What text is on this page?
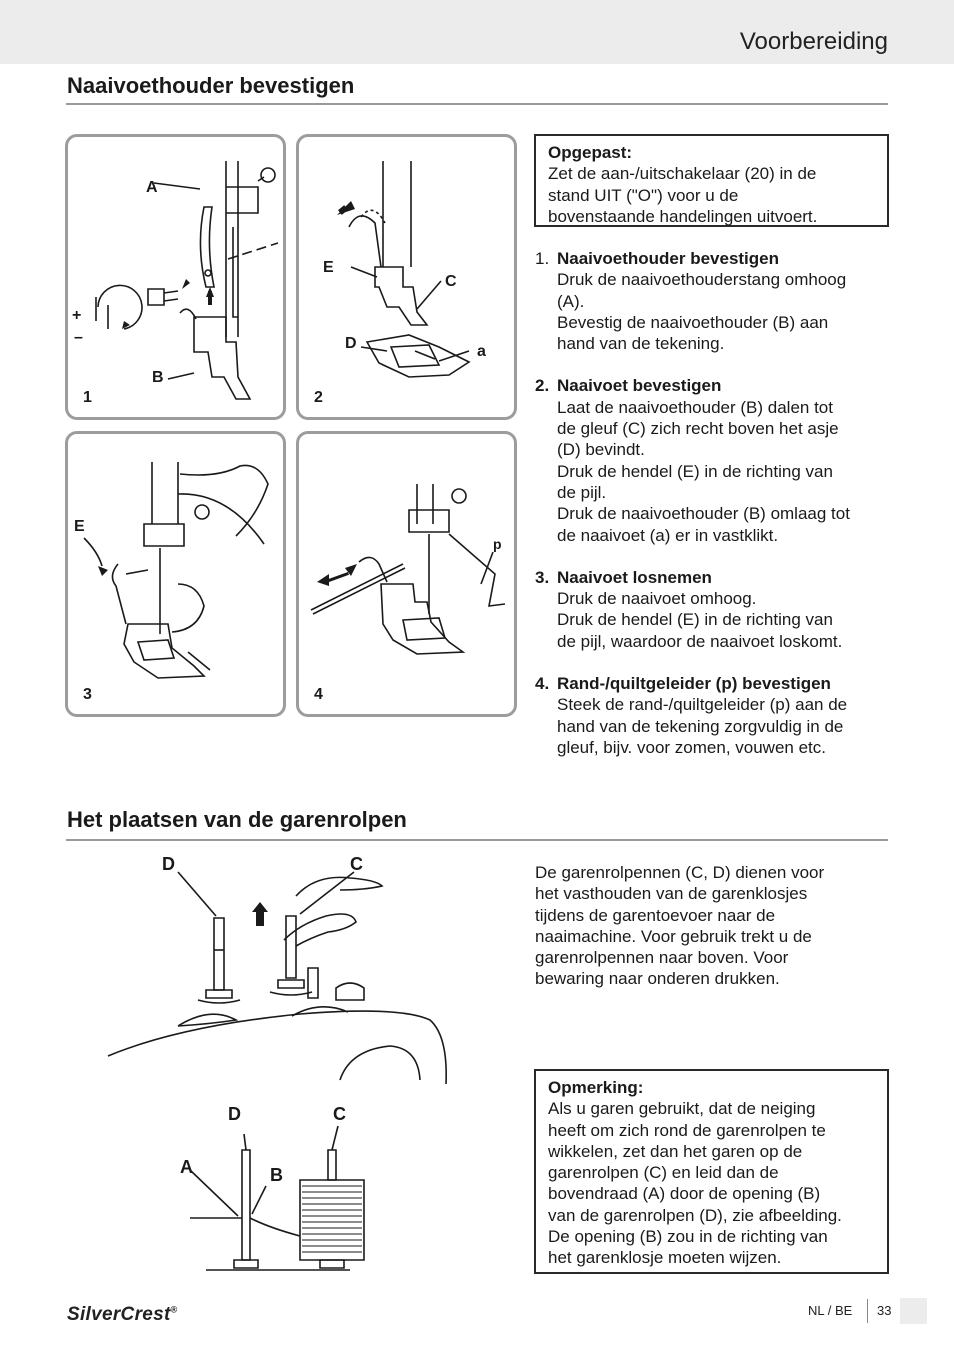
Voorbereiding
Naaivoethouder bevestigen
A
B
+
–
1
E
C
D	a
2
E
3
p
4
Opgepast:
Zet de aan-/uitschakelaar (20) in de
stand UIT ("O") voor u de
bovenstaande handelingen uitvoert.
1. Naaivoethouder bevestigen
Druk de naaivoethouderstang omhoog
(A).
Bevestig de naaivoethouder (B) aan
hand van de tekening.
2. Naaivoet bevestigen
Laat de naaivoethouder (B) dalen tot
de gleuf (C) zich recht boven het asje
(D) bevindt.
Druk de hendel (E) in de richting van
de pijl.
Druk de naaivoethouder (B) omlaag tot
de naaivoet (a) er in vastklikt.
3. Naaivoet losnemen
Druk de naaivoet omhoog.
Druk de hendel (E) in de richting van
de pijl, waardoor de naaivoet loskomt.
4. Rand-/quiltgeleider (p) bevestigen
Steek de rand-/quiltgeleider (p) aan de
hand van de tekening zorgvuldig in de
gleuf, bijv. voor zomen, vouwen etc.
Het plaatsen van de garenrolpen
D	C
D	C
A	B
De garenrolpennen (C, D) dienen voor
het vasthouden van de garenklosjes
tijdens de garentoevoer naar de
naaimachine. Voor gebruik trekt u de
garenrolpennen naar boven. Voor
bewaring naar onderen drukken.
Opmerking:
Als u garen gebruikt, dat de neiging
heeft om zich rond de garenrolpen te
wikkelen, zet dan het garen op de
garenrolpen (C) en leid dan de
bovendraad (A) door de opening (B)
van de garenrolpen (D), zie afbeelding.
De opening (B) zou in de richting van
het garenklosje moeten wijzen.
SilverCrest®	NL / BE 33
